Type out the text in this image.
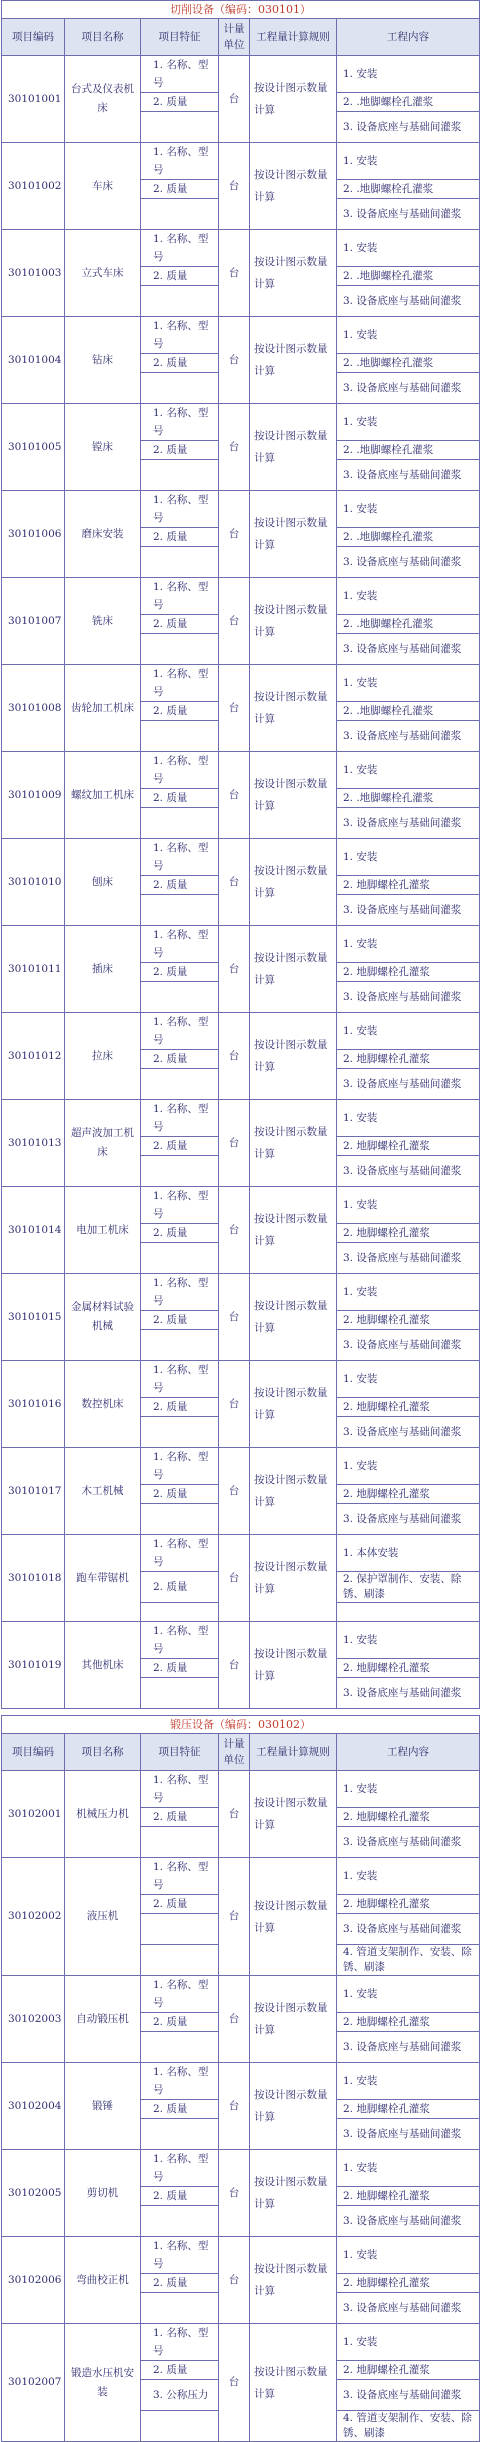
切削设备（编码：030101）					
项目编码	项目名称	项目特征	计量单位	工程量计算规则	工程内容
30101001	台式及仪表机床	1. 名称、型号	台	按设计图示数量计算	1. 安装
		2. 质量			2. .地脚螺栓孔灌浆
					3. 设备底座与基础间灌浆
30101002	车床	1. 名称、型号	台	按设计图示数量计算	1. 安装
		2. 质量			2. .地脚螺栓孔灌浆
					3. 设备底座与基础间灌浆
30101003	立式车床	1. 名称、型号	台	按设计图示数量计算	1. 安装
		2. 质量			2. .地脚螺栓孔灌浆
					3. 设备底座与基础间灌浆
30101004	钻床	1. 名称、型号	台	按设计图示数量计算	1. 安装
		2. 质量			2. .地脚螺栓孔灌浆
					3. 设备底座与基础间灌浆
30101005	镗床	1. 名称、型号	台	按设计图示数量计算	1. 安装
		2. 质量			2. .地脚螺栓孔灌浆
					3. 设备底座与基础间灌浆
30101006	磨床安装	1. 名称、型号	台	按设计图示数量计算	1. 安装
		2. 质量			2. .地脚螺栓孔灌浆
					3. 设备底座与基础间灌浆
30101007	铣床	1. 名称、型号	台	按设计图示数量计算	1. 安装
		2. 质量			2. .地脚螺栓孔灌浆
					3. 设备底座与基础间灌浆
30101008	齿轮加工机床	1. 名称、型号	台	按设计图示数量计算	1. 安装
		2. 质量			2. .地脚螺栓孔灌浆
					3. 设备底座与基础间灌浆
30101009	螺纹加工机床	1. 名称、型号	台	按设计图示数量计算	1. 安装
		2. 质量			2. .地脚螺栓孔灌浆
					3. 设备底座与基础间灌浆
30101010	刨床	1. 名称、型号	台	按设计图示数量计算	1. 安装
		2. 质量			2. 地脚螺栓孔灌浆
					3. 设备底座与基础间灌浆
30101011	插床	1. 名称、型号	台	按设计图示数量计算	1. 安装
		2. 质量			2. 地脚螺栓孔灌浆
					3. 设备底座与基础间灌浆
30101012	拉床	1. 名称、型号	台	按设计图示数量计算	1. 安装
		2. 质量			2. 地脚螺栓孔灌浆
					3. 设备底座与基础间灌浆
30101013	超声波加工机床	1. 名称、型号	台	按设计图示数量计算	1. 安装
		2. 质量			2. 地脚螺栓孔灌浆
					3. 设备底座与基础间灌浆
30101014	电加工机床	1. 名称、型号	台	按设计图示数量计算	1. 安装
		2. 质量			2. 地脚螺栓孔灌浆
					3. 设备底座与基础间灌浆
30101015	金属材料试验机械	1. 名称、型号	台	按设计图示数量计算	1. 安装
		2. 质量			2. 地脚螺栓孔灌浆
					3. 设备底座与基础间灌浆
30101016	数控机床	1. 名称、型号	台	按设计图示数量计算	1. 安装
		2. 质量			2. 地脚螺栓孔灌浆
					3. 设备底座与基础间灌浆
30101017	木工机械	1. 名称、型号	台	按设计图示数量计算	1. 安装
		2. 质量			2. 地脚螺栓孔灌浆
					3. 设备底座与基础间灌浆
30101018	跑车带锯机	1. 名称、型号	台	按设计图示数量计算	1. 本体安装
		2. 质量			2. 保护罩制作、安装、除锈、刷漆

30101019	其他机床	1. 名称、型号	台	按设计图示数量计算	1. 安装
		2. 质量			2. 地脚螺栓孔灌浆
					3. 设备底座与基础间灌浆

锻压设备（编码：030102）					
项目编码	项目名称	项目特征	计量单位	工程量计算规则	工程内容
30102001	机械压力机	1. 名称、型号	台	按设计图示数量计算	1. 安装
		2. 质量			2. 地脚螺栓孔灌浆
					3. 设备底座与基础间灌浆
30102002	液压机	1. 名称、型号	台	按设计图示数量计算	1. 安装
		2. 质量			2. 地脚螺栓孔灌浆
					3. 设备底座与基础间灌浆
					4. 管道支架制作、安装、除锈、刷漆
30102003	自动锻压机	1. 名称、型号	台	按设计图示数量计算	1. 安装
		2. 质量			2. 地脚螺栓孔灌浆
					3. 设备底座与基础间灌浆
30102004	锻锤	1. 名称、型号	台	按设计图示数量计算	1. 安装
		2. 质量			2. 地脚螺栓孔灌浆
					3. 设备底座与基础间灌浆
30102005	剪切机	1. 名称、型号	台	按设计图示数量计算	1. 安装
		2. 质量			2. 地脚螺栓孔灌浆
					3. 设备底座与基础间灌浆
30102006	弯曲校正机	1. 名称、型号	台	按设计图示数量计算	1. 安装
		2. 质量			2. 地脚螺栓孔灌浆
					3. 设备底座与基础间灌浆
30102007	锻造水压机安装	1. 名称、型号	台	按设计图示数量计算	1. 安装
		2. 质量			2. 地脚螺栓孔灌浆
		3. 公称压力			3. 设备底座与基础间灌浆
					4. 管道支架制作、安装、除锈、刷漆
